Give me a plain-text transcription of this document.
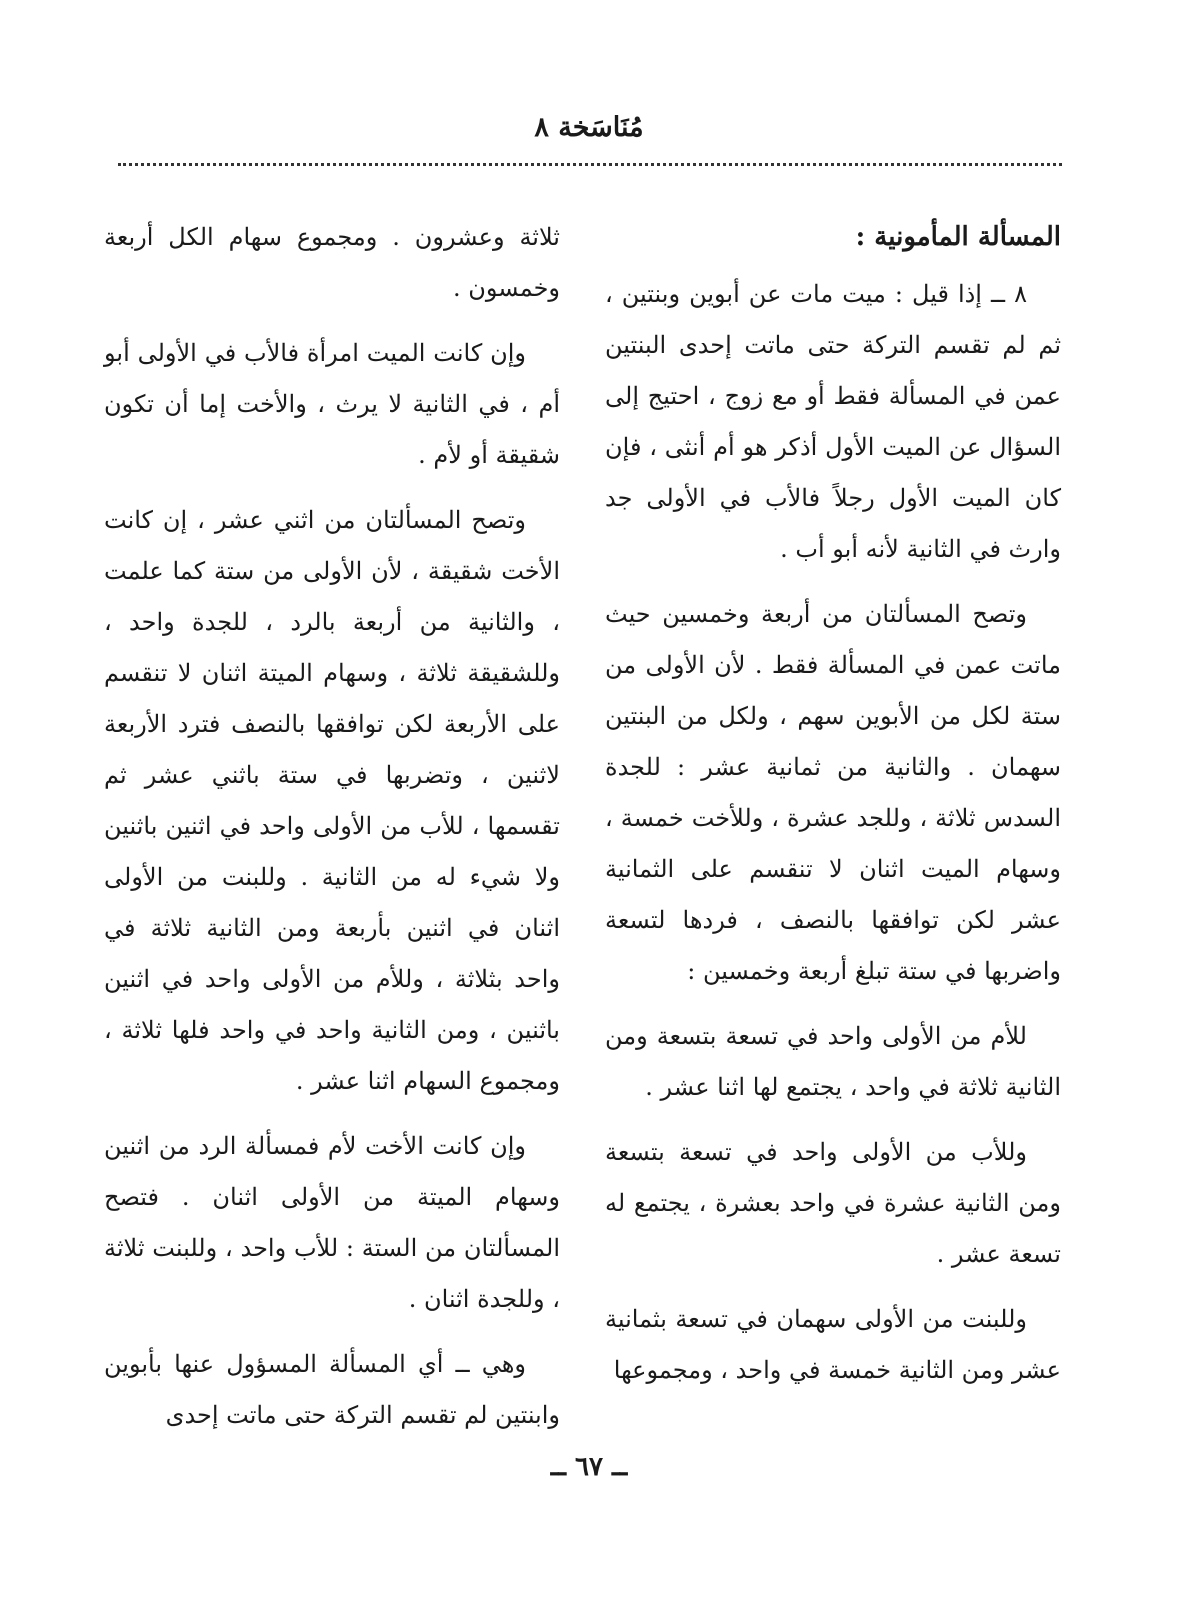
مُنَاسَخة ٨
المسألة المأمونية :

٨ ــ إذا قيل : ميت مات عن أبوين وبنتين ، ثم لم تقسم التركة حتى ماتت إحدى البنتين عمن في المسألة فقط أو مع زوج ، احتيج إلى السؤال عن الميت الأول أذكر هو أم أنثى ، فإن كان الميت الأول رجلاً فالأب في الأولى جد وارث في الثانية لأنه أبو أب .

وتصح المسألتان من أربعة وخمسين حيث ماتت عمن في المسألة فقط . لأن الأولى من ستة لكل من الأبوين سهم ، ولكل من البنتين سهمان . والثانية من ثمانية عشر : للجدة السدس ثلاثة ، وللجد عشرة ، وللأخت خمسة ، وسهام الميت اثنان لا تنقسم على الثمانية عشر لكن توافقها بالنصف ، فردها لتسعة واضربها في ستة تبلغ أربعة وخمسين :

للأم من الأولى واحد في تسعة بتسعة ومن الثانية ثلاثة في واحد ، يجتمع لها اثنا عشر .

وللأب من الأولى واحد في تسعة بتسعة ومن الثانية عشرة في واحد بعشرة ، يجتمع له تسعة عشر .

وللبنت من الأولى سهمان في تسعة بثمانية عشر ومن الثانية خمسة في واحد ، ومجموعها

ثلاثة وعشرون . ومجموع سهام الكل أربعة وخمسون .

وإن كانت الميت امرأة فالأب في الأولى أبو أم ، في الثانية لا يرث ، والأخت إما أن تكون شقيقة أو لأم .

وتصح المسألتان من اثني عشر ، إن كانت الأخت شقيقة ، لأن الأولى من ستة كما علمت ، والثانية من أربعة بالرد ، للجدة واحد ، وللشقيقة ثلاثة ، وسهام الميتة اثنان لا تنقسم على الأربعة لكن توافقها بالنصف فترد الأربعة لاثنين ، وتضربها في ستة باثني عشر ثم تقسمها ، للأب من الأولى واحد في اثنين باثنين ولا شيء له من الثانية . وللبنت من الأولى اثنان في اثنين بأربعة ومن الثانية ثلاثة في واحد بثلاثة ، وللأم من الأولى واحد في اثنين باثنين ، ومن الثانية واحد في واحد فلها ثلاثة ، ومجموع السهام اثنا عشر .

وإن كانت الأخت لأم فمسألة الرد من اثنين وسهام الميتة من الأولى اثنان . فتصح المسألتان من الستة : للأب واحد ، وللبنت ثلاثة ، وللجدة اثنان .

وهي ــ أي المسألة المسؤول عنها بأبوين وابنتين لم تقسم التركة حتى ماتت إحدى

ــ ٦٧ ــ
